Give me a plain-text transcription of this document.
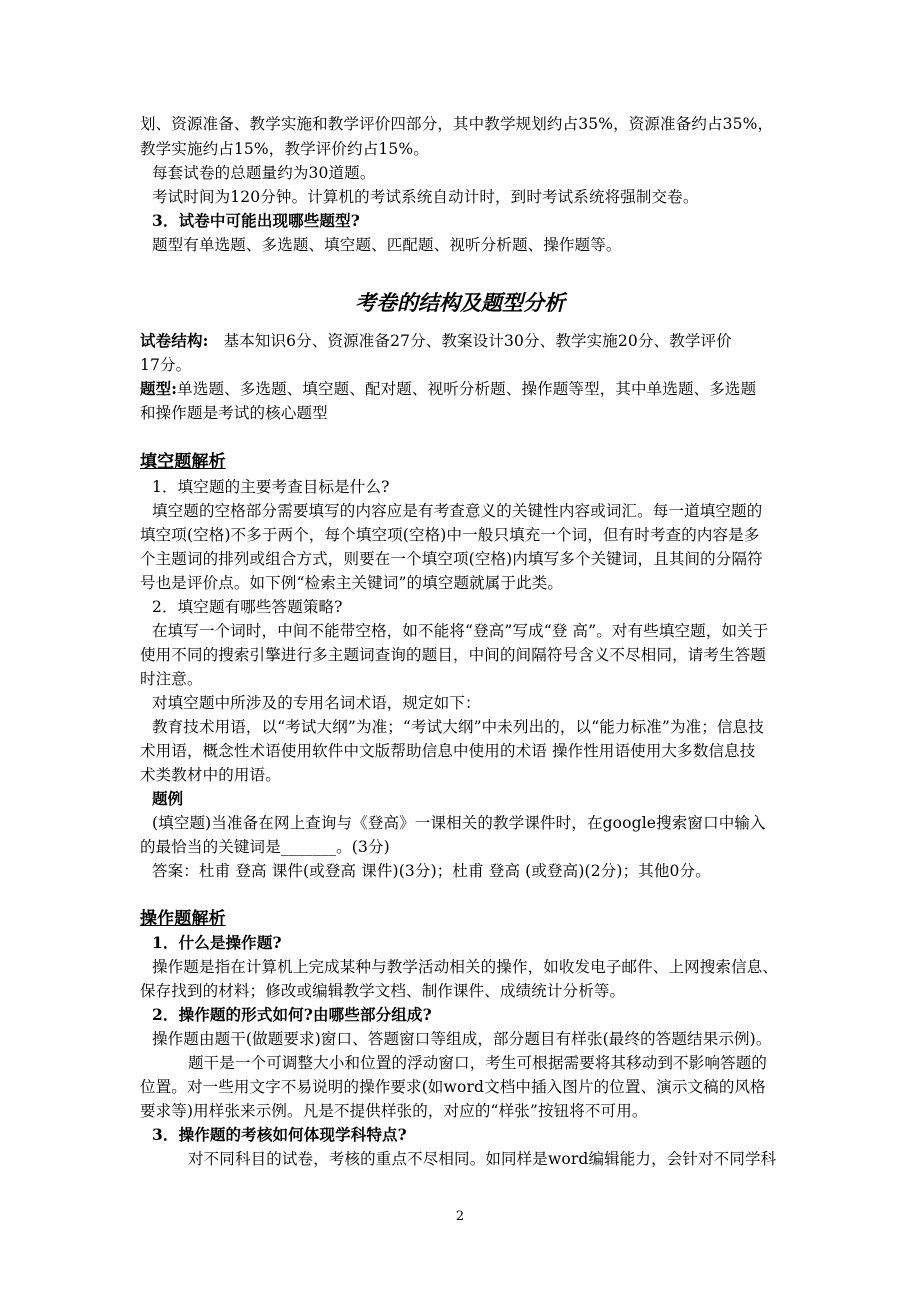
划、资源准备、教学实施和教学评价四部分，其中教学规划约占35%，资源准备约占35%，
教学实施约占15%，教学评价约占15%。
每套试卷的总题量约为30道题。
考试时间为120分钟。计算机的考试系统自动计时，到时考试系统将强制交卷。
3．试卷中可能出现哪些题型?
题型有单选题、多选题、填空题、匹配题、视听分析题、操作题等。
考卷的结构及题型分析
试卷结构: 基本知识6分、资源准备27分、教案设计30分、教学实施20分、教学评价
17分。
题型:单选题、多选题、填空题、配对题、视听分析题、操作题等型，其中单选题、多选题
和操作题是考试的核心题型
填空题解析
1．填空题的主要考查目标是什么?
填空题的空格部分需要填写的内容应是有考查意义的关键性内容或词汇。每一道填空题的
填空项(空格)不多于两个，每个填空项(空格)中一般只填充一个词，但有时考查的内容是多
个主题词的排列或组合方式，则要在一个填空项(空格)内填写多个关键词，且其间的分隔符
号也是评价点。如下例“检索主关键词”的填空题就属于此类。
2．填空题有哪些答题策略?
在填写一个词时，中间不能带空格，如不能将“登高”写成“登 高”。对有些填空题，如关于
使用不同的搜索引擎进行多主题词查询的题目，中间的间隔符号含义不尽相同，请考生答题
时注意。
对填空题中所涉及的专用名词术语，规定如下：
教育技术用语，以“考试大纲”为准；“考试大纲”中未列出的，以“能力标准”为准；信息技
术用语，概念性术语使用软件中文版帮助信息中使用的术语 操作性用语使用大多数信息技
术类教材中的用语。
题例
(填空题)当准备在网上查询与《登高》一课相关的教学课件时，在google搜索窗口中输入
的最恰当的关键词是_______。(3分)
答案：杜甫 登高 课件(或登高 课件)(3分)；杜甫 登高 (或登高)(2分)；其他0分。
操作题解析
1．什么是操作题?
操作题是指在计算机上完成某种与教学活动相关的操作，如收发电子邮件、上网搜索信息、
保存找到的材料；修改或编辑教学文档、制作课件、成绩统计分析等。
2．操作题的形式如何?由哪些部分组成?
操作题由题干(做题要求)窗口、答题窗口等组成，部分题目有样张(最终的答题结果示例)。
题干是一个可调整大小和位置的浮动窗口，考生可根据需要将其移动到不影响答题的
位置。对一些用文字不易说明的操作要求(如word文档中插入图片的位置、演示文稿的风格
要求等)用样张来示例。凡是不提供样张的，对应的“样张”按钮将不可用。
3．操作题的考核如何体现学科特点?
对不同科目的试卷，考核的重点不尽相同。如同样是word编辑能力，会针对不同学科
2
